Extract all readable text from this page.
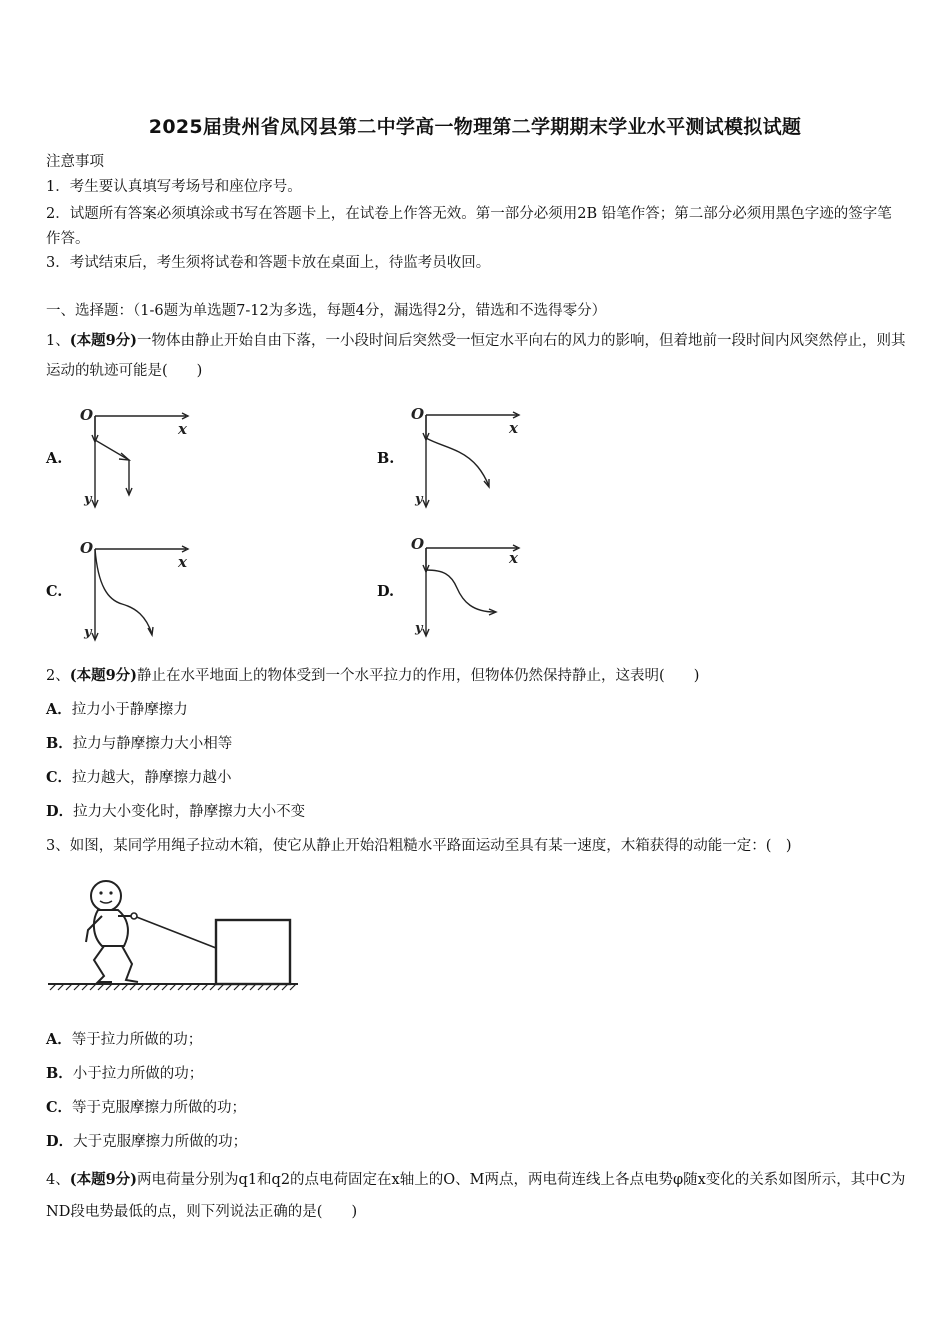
2025届贵州省凤冈县第二中学高一物理第二学期期末学业水平测试模拟试题
注意事项
1．考生要认真填写考场号和座位序号。
2．试题所有答案必须填涂或书写在答题卡上，在试卷上作答无效。第一部分必须用2B 铅笔作答；第二部分必须用黑色字迹的签字笔作答。
3．考试结束后，考生须将试卷和答题卡放在桌面上，待监考员收回。
一、选择题：（1-6题为单选题7-12为多选，每题4分，漏选得2分，错选和不选得零分）
1、(本题9分)一物体由静止开始自由下落，一小段时间后突然受一恒定水平向右的风力的影响，但着地前一段时间内风突然停止，则其运动的轨迹可能是(　　)
A.	B.
C.	D.
O
x
y
O
x
y
O
x
y
O
x
y
2、(本题9分)静止在水平地面上的物体受到一个水平拉力的作用，但物体仍然保持静止，这表明(　　)
A．拉力小于静摩擦力
B．拉力与静摩擦力大小相等
C．拉力越大，静摩擦力越小
D．拉力大小变化时，静摩擦力大小不变
3、如图，某同学用绳子拉动木箱，使它从静止开始沿粗糙水平路面运动至具有某一速度，木箱获得的动能一定：(　)
A．等于拉力所做的功；
B．小于拉力所做的功；
C．等于克服摩擦力所做的功；
D．大于克服摩擦力所做的功；
4、(本题9分)两电荷量分别为q1和q2的点电荷固定在x轴上的O、M两点，两电荷连线上各点电势φ随x变化的关系如图所示，其中C为ND段电势最低的点，则下列说法正确的是(　　)
